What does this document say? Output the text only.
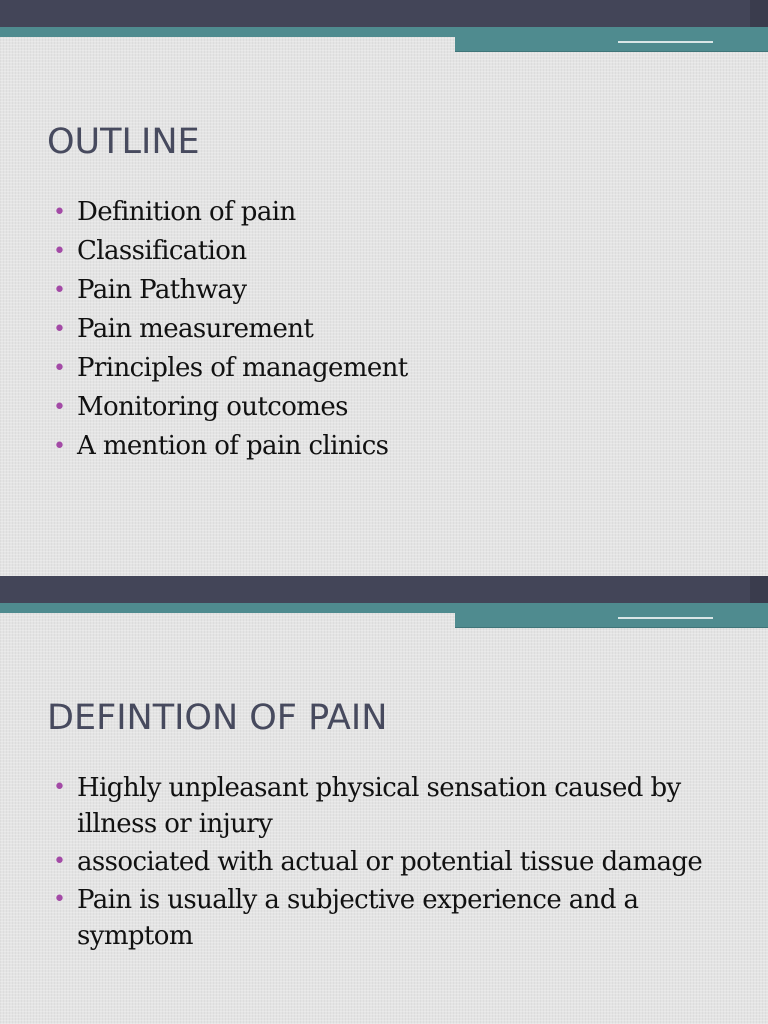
OUTLINE
• Definition of pain
• Classification
• Pain Pathway
• Pain measurement
• Principles of management
• Monitoring outcomes
• A mention of pain clinics
DEFINTION OF PAIN
• Highly unpleasant physical sensation caused by illness or injury
• associated with actual or potential tissue damage
• Pain is usually a subjective experience and a symptom
